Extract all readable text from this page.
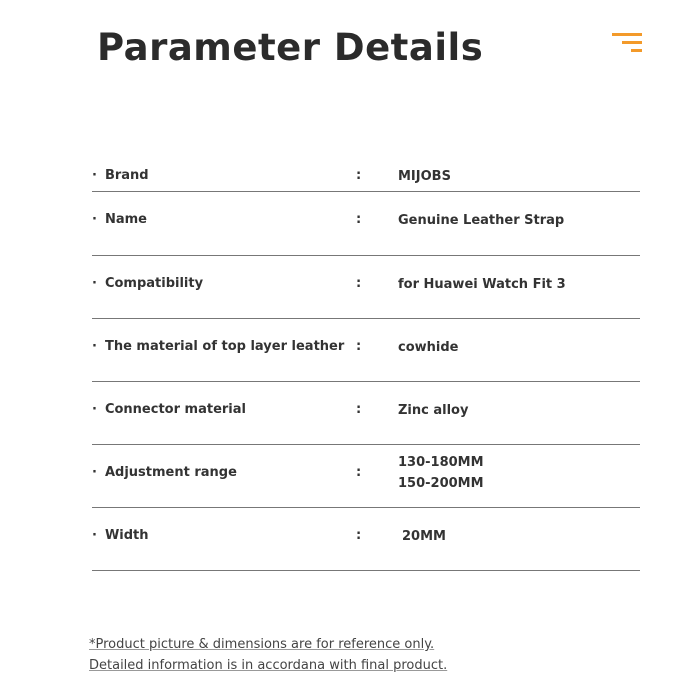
Parameter Details
· Brand	:	MIJOBS
· Name	:	Genuine Leather Strap
· Compatibility	:	for Huawei Watch Fit 3
· The material of top layer leather :	cowhide
· Connector material	:	Zinc alloy
· Adjustment range	:
130-180MM
150-200MM
· Width	:	20MM
*Product picture & dimensions are for reference only.
Detailed information is in accordana with final product.
